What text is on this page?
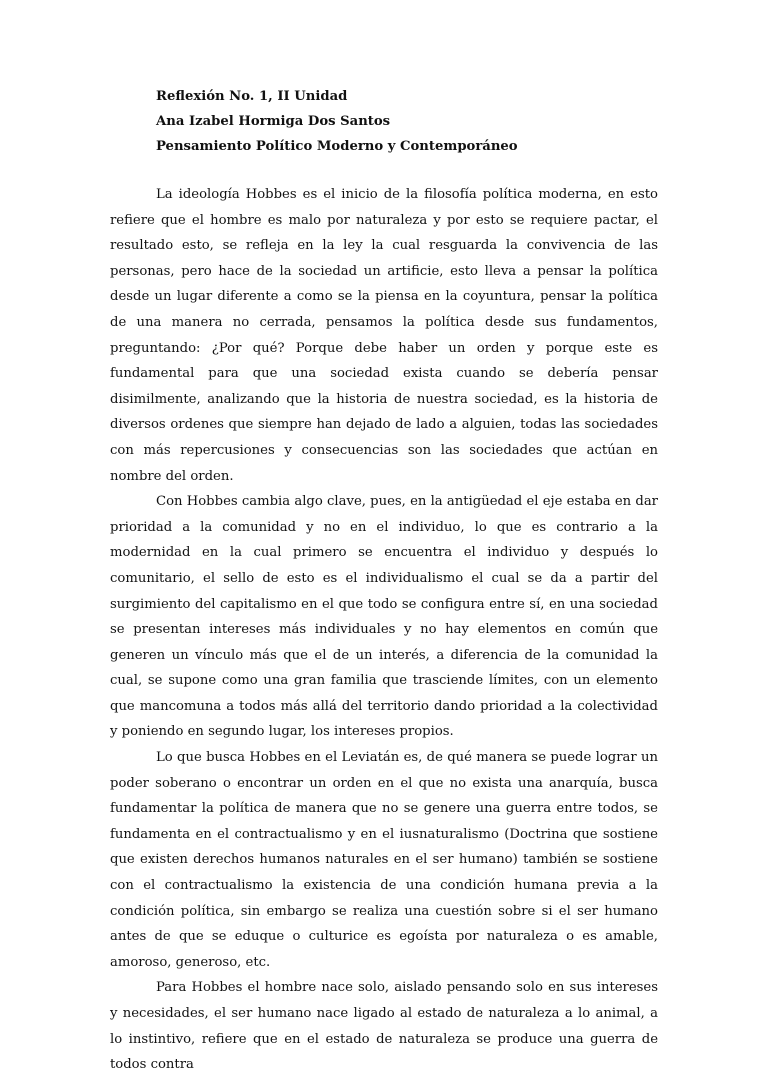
Reflexión No. 1, II Unidad
Ana Izabel Hormiga Dos Santos
Pensamiento Político Moderno y Contemporáneo

La ideología Hobbes es el inicio de la filosofía política moderna, en esto refiere que el hombre es malo por naturaleza y por esto se requiere pactar, el resultado esto, se refleja en la ley la cual resguarda la convivencia de las personas, pero hace de la sociedad un artificie, esto lleva a pensar la política desde un lugar diferente a como se la piensa en la coyuntura, pensar la política de una manera no cerrada, pensamos la política desde sus fundamentos, preguntando: ¿Por qué? Porque debe haber un orden y porque este es fundamental para que una sociedad exista cuando se debería pensar disimilmente, analizando que la historia de nuestra sociedad, es la historia de diversos ordenes que siempre han dejado de lado a alguien, todas las sociedades con más repercusiones y consecuencias son las sociedades que actúan en nombre del orden.

Con Hobbes cambia algo clave, pues, en la antigüedad el eje estaba en dar prioridad a la comunidad y no en el individuo, lo que es contrario a la modernidad en la cual primero se encuentra el individuo y después lo comunitario, el sello de esto es el individualismo el cual se da a partir del surgimiento del capitalismo en el que todo se configura entre sí, en una sociedad se presentan intereses más individuales y no hay elementos en común que generen un vínculo más que el de un interés, a diferencia de la comunidad la cual, se supone como una gran familia que trasciende límites, con un elemento que mancomuna a todos más allá del territorio dando prioridad a la colectividad y poniendo en segundo lugar, los intereses propios.

Lo que busca Hobbes en el Leviatán es, de qué manera se puede lograr un poder soberano o encontrar un orden en el que no exista una anarquía, busca fundamentar la política de manera que no se genere una guerra entre todos, se fundamenta en el contractualismo y en el iusnaturalismo (Doctrina que sostiene que existen derechos humanos naturales en el ser humano) también se sostiene con el contractualismo la existencia de una condición humana previa a la condición política, sin embargo se realiza una cuestión sobre si el ser humano antes de que se eduque o culturice es egoísta por naturaleza o es amable, amoroso, generoso, etc.

Para Hobbes el hombre nace solo, aislado pensando solo en sus intereses y necesidades, el ser humano nace ligado al estado de naturaleza a lo animal, a lo instintivo, refiere que en el estado de naturaleza se produce una guerra de todos contra
